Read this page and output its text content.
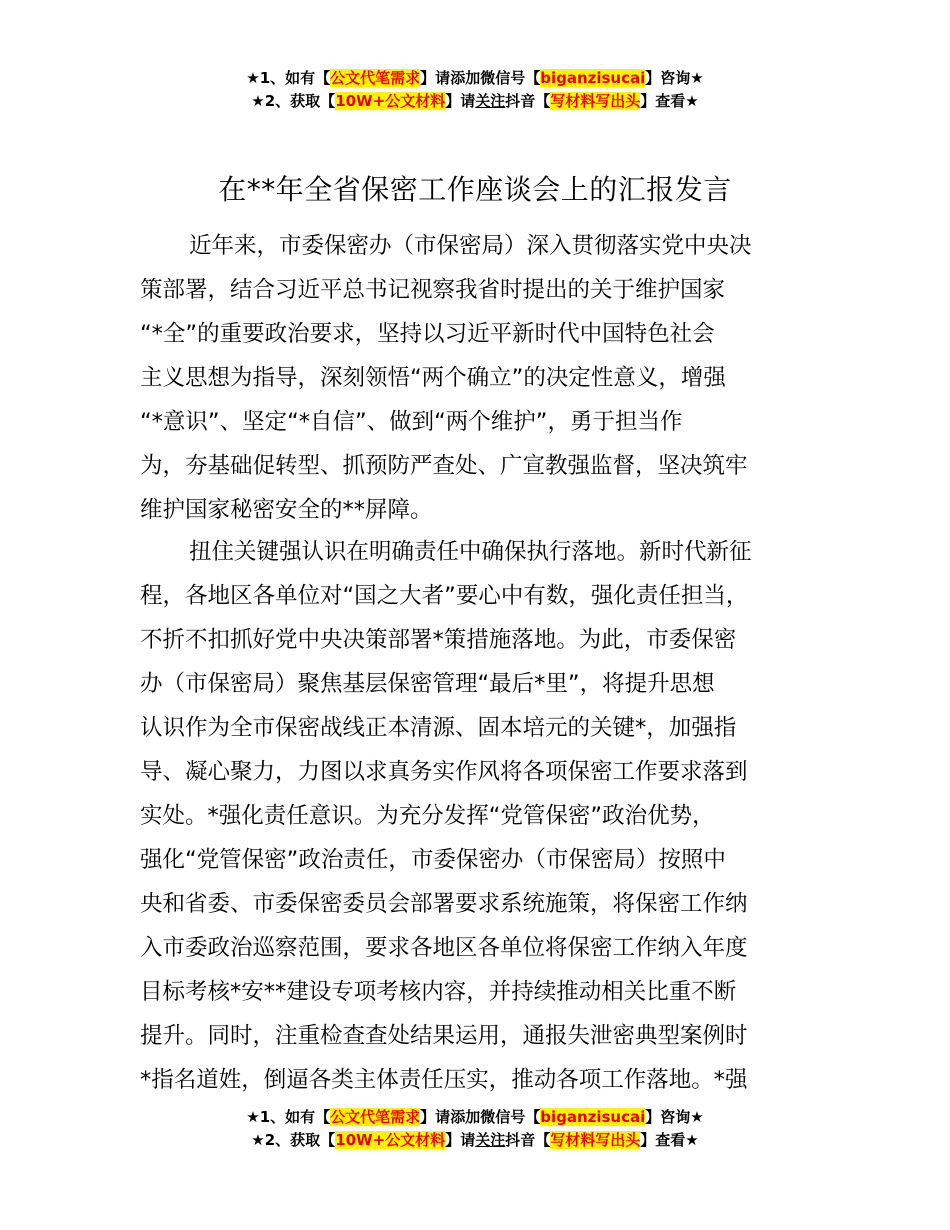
★1、如有【公文代笔需求】请添加微信号【biganzisucai】咨询★
★2、获取【10W+公文材料】请关注抖音【写材料写出头】查看★
在**年全省保密工作座谈会上的汇报发言
近年来，市委保密办（市保密局）深入贯彻落实党中央决
策部署，结合习近平总书记视察我省时提出的关于维护国家
“*全”的重要政治要求，坚持以习近平新时代中国特色社会
主义思想为指导，深刻领悟“两个确立”的决定性意义，增强
“*意识”、坚定“*自信”、做到“两个维护”，勇于担当作
为，夯基础促转型、抓预防严查处、广宣教强监督，坚决筑牢
维护国家秘密安全的**屏障。
扭住关键强认识在明确责任中确保执行落地。新时代新征
程，各地区各单位对“国之大者”要心中有数，强化责任担当，
不折不扣抓好党中央决策部署*策措施落地。为此，市委保密
办（市保密局）聚焦基层保密管理“最后*里”，将提升思想
认识作为全市保密战线正本清源、固本培元的关键*，加强指
导、凝心聚力，力图以求真务实作风将各项保密工作要求落到
实处。*强化责任意识。为充分发挥“党管保密”政治优势，
强化“党管保密”政治责任，市委保密办（市保密局）按照中
央和省委、市委保密委员会部署要求系统施策，将保密工作纳
入市委政治巡察范围，要求各地区各单位将保密工作纳入年度
目标考核*安**建设专项考核内容，并持续推动相关比重不断
提升。同时，注重检查查处结果运用，通报失泄密典型案例时
*指名道姓，倒逼各类主体责任压实，推动各项工作落地。*强
★1、如有【公文代笔需求】请添加微信号【biganzisucai】咨询★
★2、获取【10W+公文材料】请关注抖音【写材料写出头】查看★
